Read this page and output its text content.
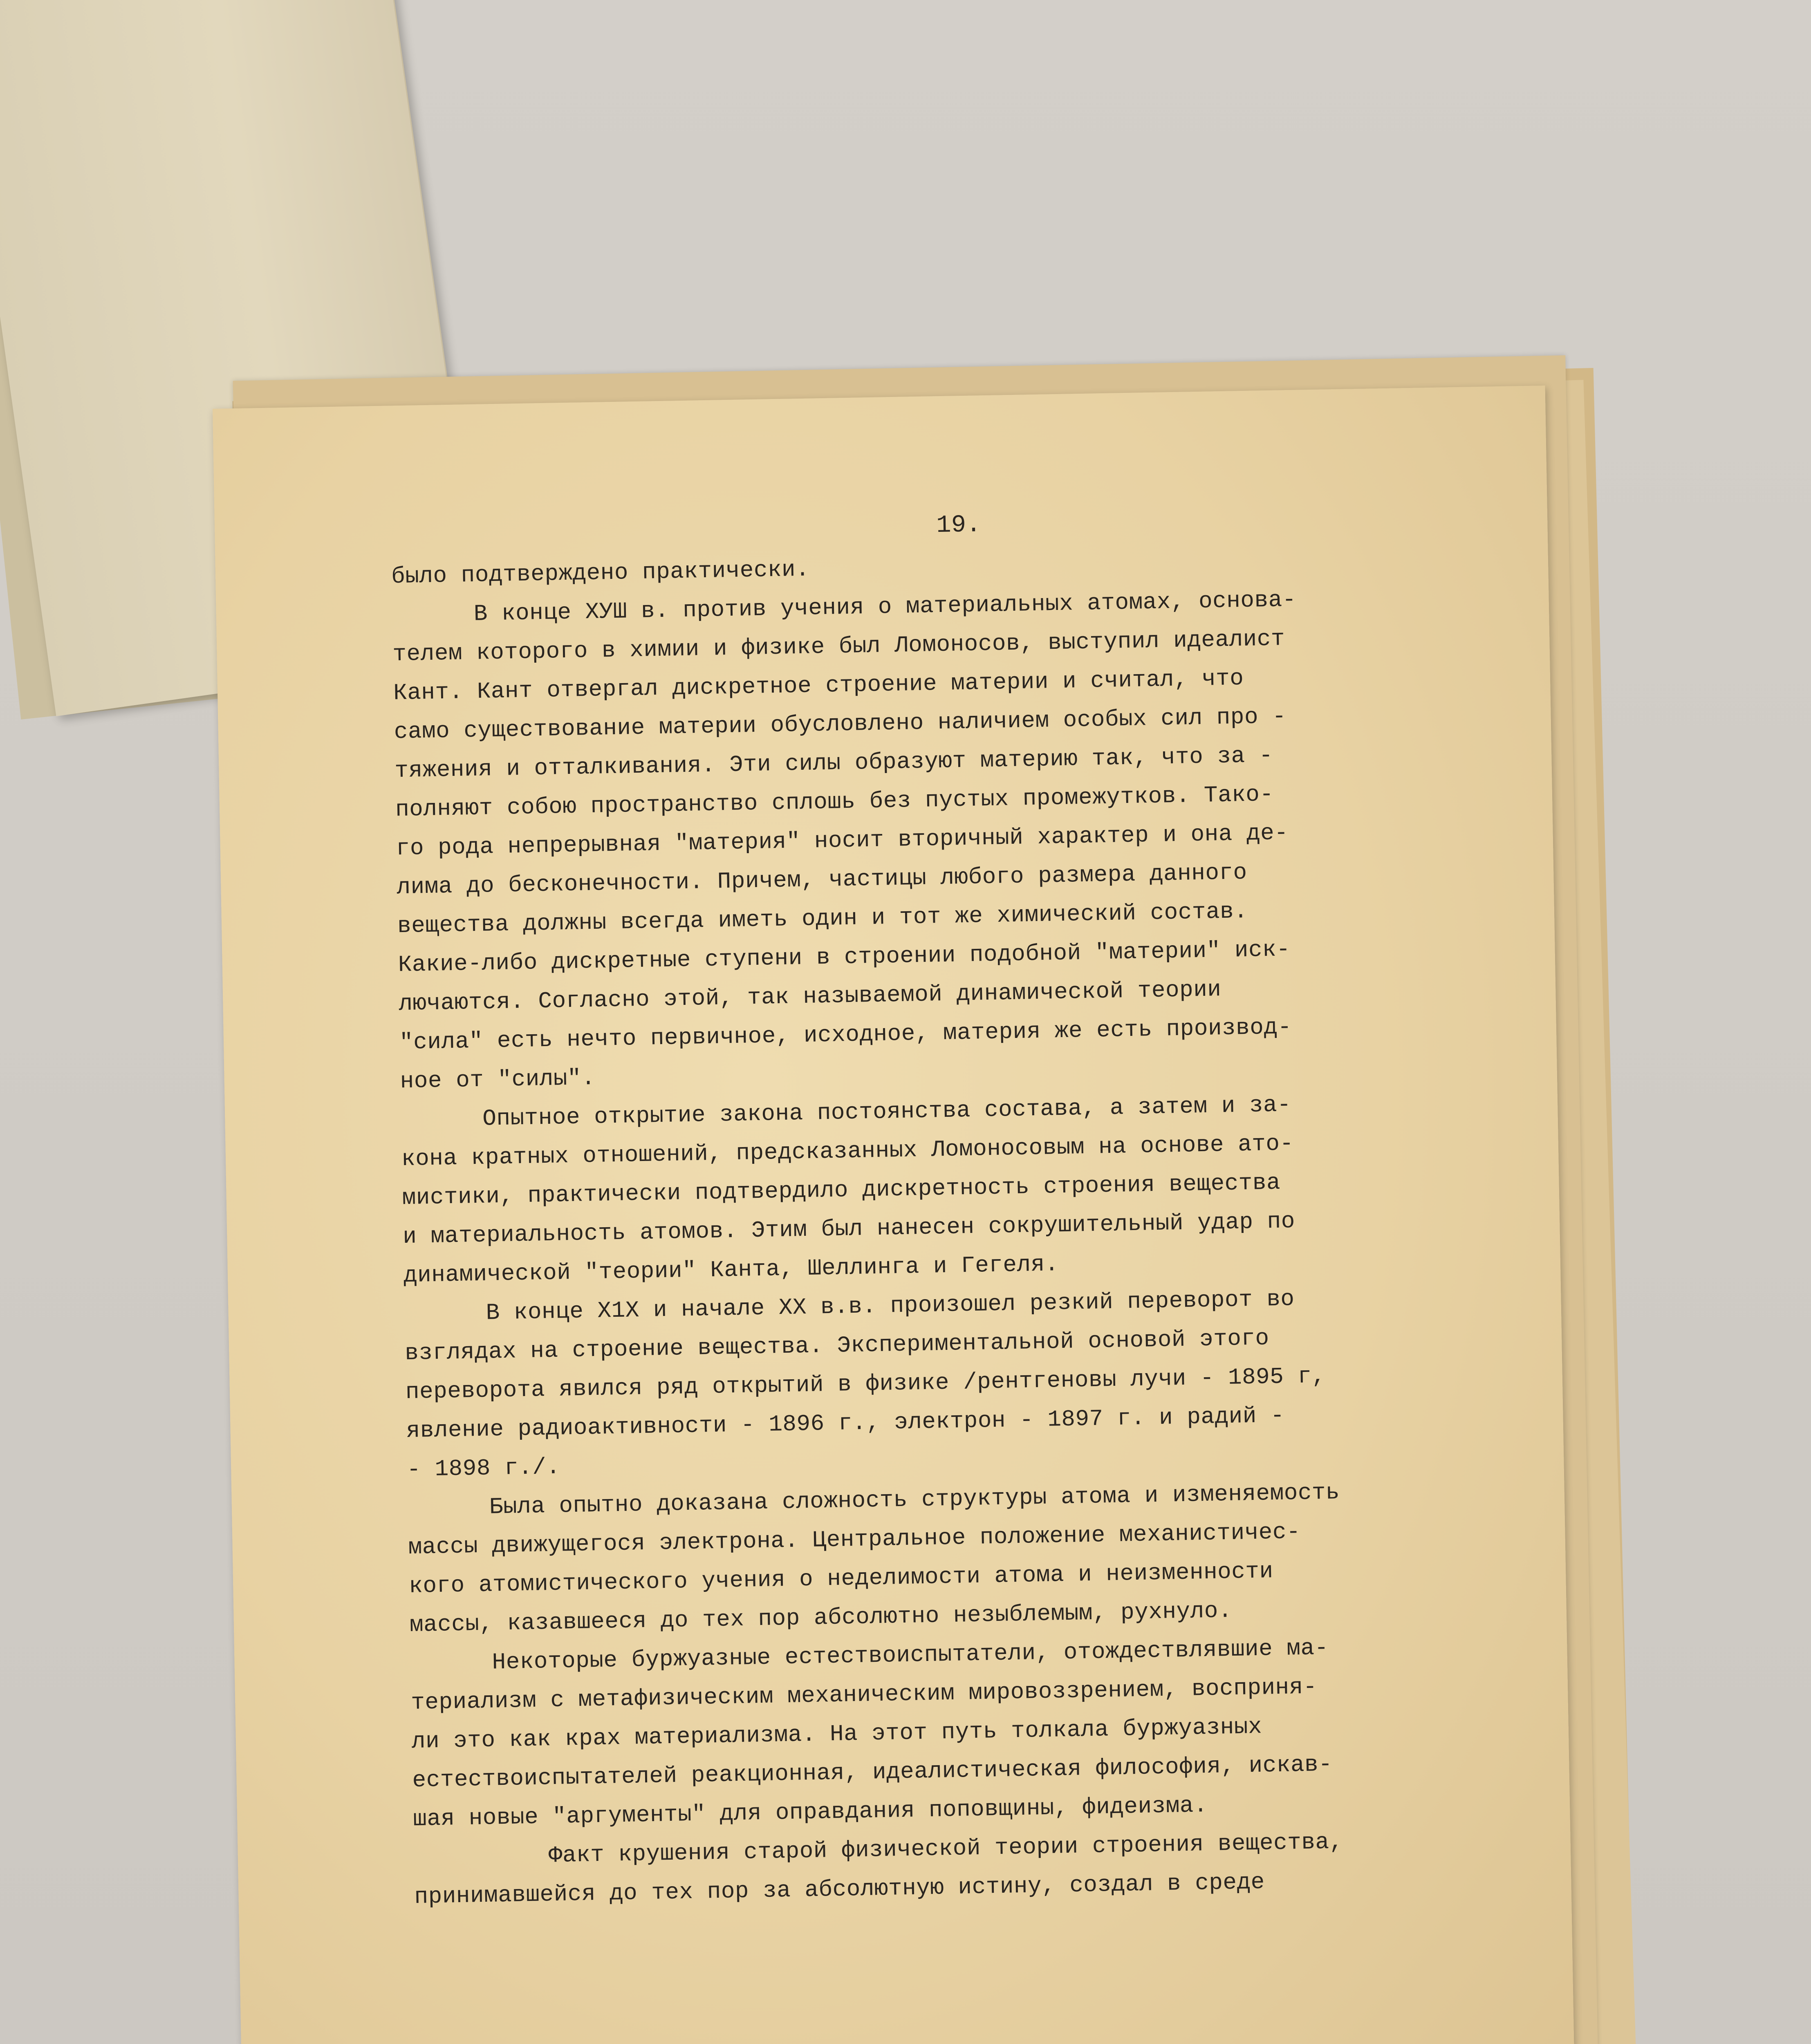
19.
было подтверждено практически.
В конце ХУШ в. против учения о материальных атомах, основа-
телем которого в химии и физике был Ломоносов, выступил идеалист
Кант. Кант отвергал дискретное строение материи и считал, что
само существование материи обусловлено наличием особых сил про -
тяжения и отталкивания. Эти силы образуют материю так, что за -
полняют собою пространство сплошь без пустых промежутков. Тако-
го рода непрерывная "материя" носит вторичный характер и она де-
лима до бесконечности. Причем, частицы любого размера данного
вещества должны всегда иметь один и тот же химический состав.
Какие-либо дискретные ступени в строении подобной "материи" иск-
лючаются. Согласно этой, так называемой динамической теории
"сила" есть нечто первичное, исходное, материя же есть производ-
ное от "силы".
Опытное открытие закона постоянства состава, а затем и за-
кона кратных отношений, предсказанных Ломоносовым на основе ато-
мистики, практически подтвердило дискретность строения вещества
и материальность атомов. Этим был нанесен сокрушительный удар по
динамической "теории" Канта, Шеллинга и Гегеля.
В конце Х1Х и начале ХХ в.в. произошел резкий переворот во
взглядах на строение вещества. Экспериментальной основой этого
переворота явился ряд открытий в физике /рентгеновы лучи - 1895 г,
явление радиоактивности - 1896 г., электрон - 1897 г. и радий -
- 1898 г./.
Была опытно доказана сложность структуры атома и изменяемость
массы движущегося электрона. Центральное положение механистичес-
кого атомистического учения о неделимости атома и неизменности
массы, казавшееся до тех пор абсолютно незыблемым, рухнуло.
Некоторые буржуазные естествоиспытатели, отождествлявшие ма-
териализм с метафизическим механическим мировоззрением, восприня-
ли это как крах материализма. На этот путь толкала буржуазных
естествоиспытателей реакционная, идеалистическая философия, искав-
шая новые "аргументы" для оправдания поповщины, фидеизма.
Факт крушения старой физической теории строения вещества,
принимавшейся до тех пор за абсолютную истину, создал в среде
